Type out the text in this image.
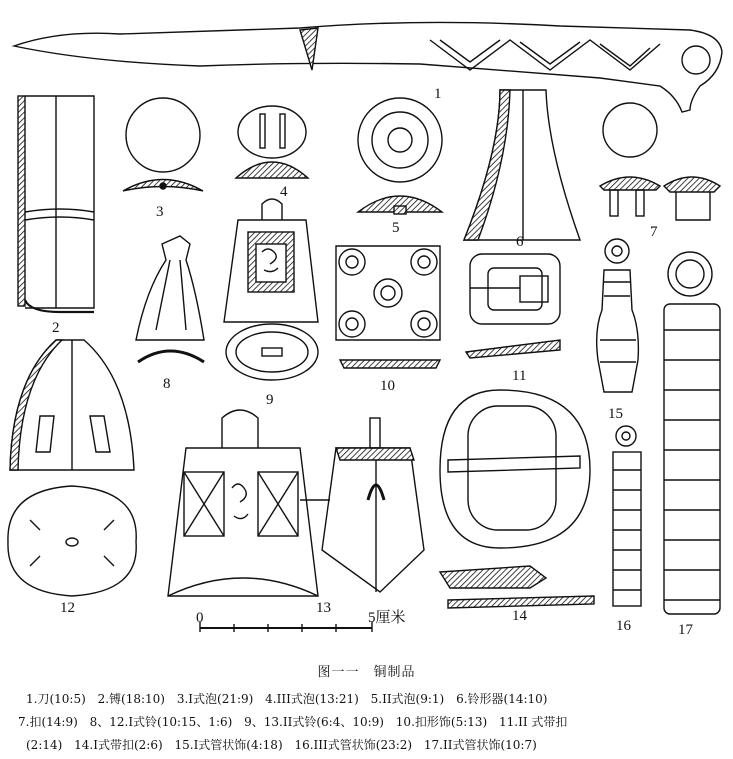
1
2
3
4
5
6
7
8
9
10
11
12	13	14
15
16	17
0	5厘米
图一一　铜制品
1.刀(10:5) 2.镈(18:10) 3.I式泡(21:9) 4.III式泡(13:21) 5.II式泡(9:1) 6.铃形器(14:10)
7.扣(14:9) 8、12.I式铃(10:15、1:6) 9、13.II式铃(6:4、10:9) 10.扣形饰(5:13) 11.II 式带扣
(2:14) 14.I式带扣(2:6) 15.I式管状饰(4:18) 16.III式管状饰(23:2) 17.II式管状饰(10:7)
